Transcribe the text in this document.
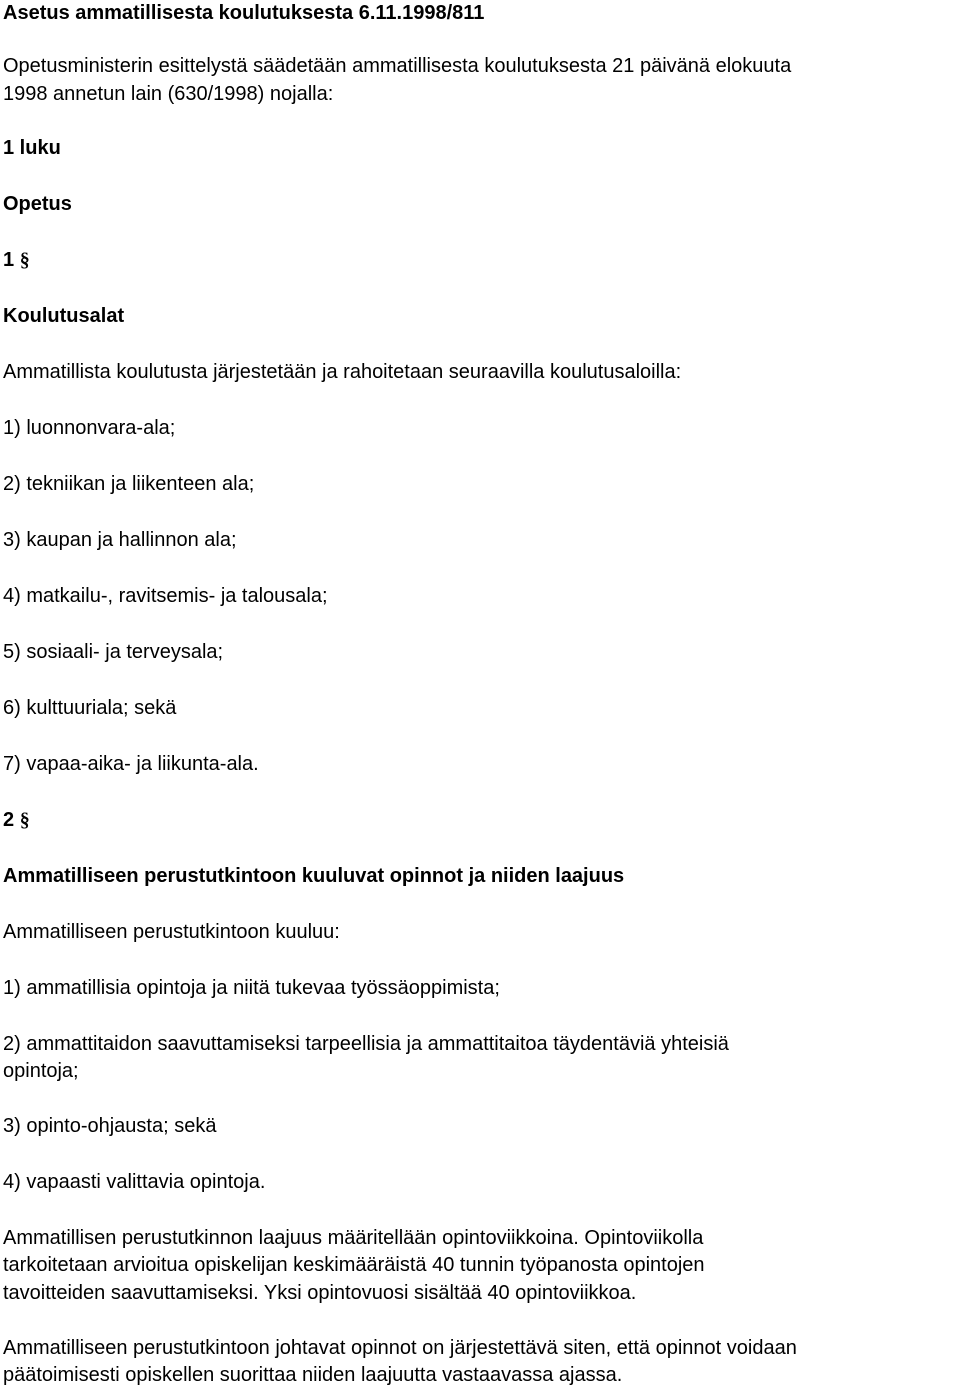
Asetus ammatillisesta koulutuksesta 6.11.1998/811
Opetusministerin esittelystä säädetään ammatillisesta koulutuksesta 21 päivänä elokuuta
1998 annetun lain (630/1998) nojalla:
1 luku
Opetus
1 §
Koulutusalat
Ammatillista koulutusta järjestetään ja rahoitetaan seuraavilla koulutusaloilla:
1) luonnonvara-ala;
2) tekniikan ja liikenteen ala;
3) kaupan ja hallinnon ala;
4) matkailu-, ravitsemis- ja talousala;
5) sosiaali- ja terveysala;
6) kulttuuriala; sekä
7) vapaa-aika- ja liikunta-ala.
2 §
Ammatilliseen perustutkintoon kuuluvat opinnot ja niiden laajuus
Ammatilliseen perustutkintoon kuuluu:
1) ammatillisia opintoja ja niitä tukevaa työssäoppimista;
2) ammattitaidon saavuttamiseksi tarpeellisia ja ammattitaitoa täydentäviä yhteisiä
opintoja;
3) opinto-ohjausta; sekä
4) vapaasti valittavia opintoja.
Ammatillisen perustutkinnon laajuus määritellään opintoviikkoina. Opintoviikolla
tarkoitetaan arvioitua opiskelijan keskimääräistä 40 tunnin työpanosta opintojen
tavoitteiden saavuttamiseksi. Yksi opintovuosi sisältää 40 opintoviikkoa.
Ammatilliseen perustutkintoon johtavat opinnot on järjestettävä siten, että opinnot voidaan
päätoimisesti opiskellen suorittaa niiden laajuutta vastaavassa ajassa.
